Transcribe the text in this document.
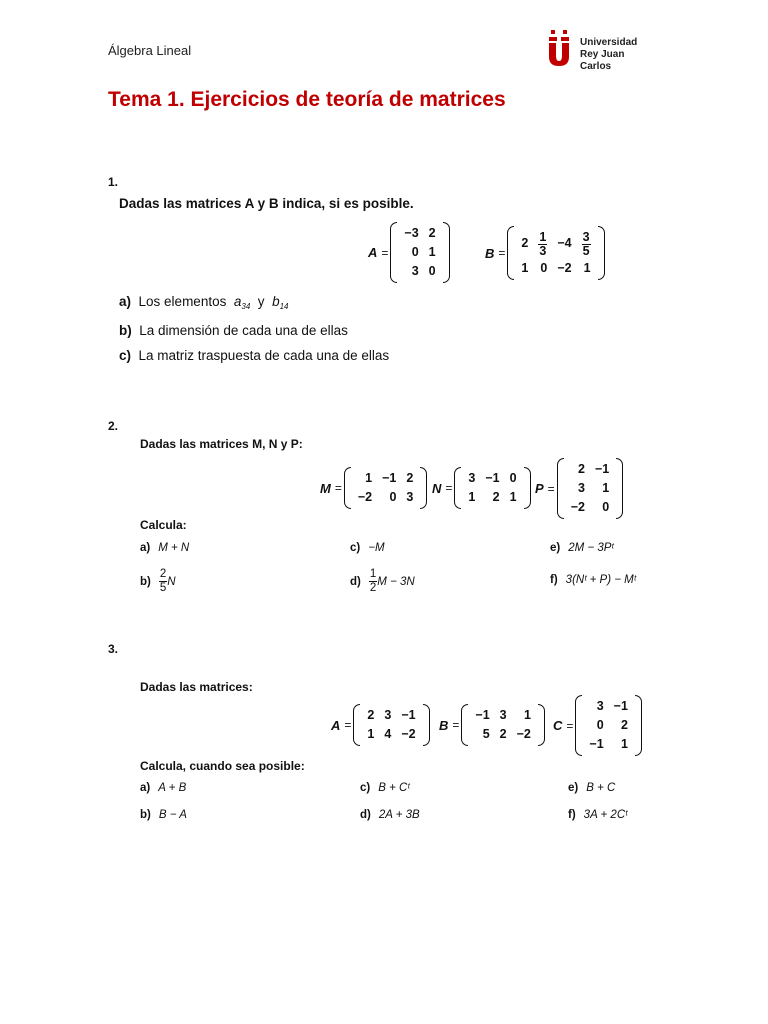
Álgebra Lineal
Universidad
Rey Juan Carlos
Tema 1. Ejercicios de teoría de matrices
1.
Dadas las matrices A y B indica, si es posible.
A =
−3	2
0	1
3	0
B =
2	$\frac{1}{3}$	−4	$\frac{3}{5}$

1	0	−2	1
a) Los elementos $a_{34}$ y $b_{14}$
b) La dimensión de cada una de ellas
c) La matriz traspuesta de cada una de ellas
2.
Dadas las matrices M, N y P:
M =
1	−1	2
−2	0	3
N =
3	−1	0
1	2	1
P =
2	−1
3	1
−2	0
Calcula:
a) M + N
$b) \frac{2}{5}$ N
c) −M
$d) \frac{1}{2}$ M − 3N
e) 2M − 3Pᵗ
f) 3(Nᵗ + P) − Mᵗ
3.
Dadas las matrices:
A =
2	3	−1
1	4	−2
B =
−1	3	1
5	2	−2
C =
3	−1
0	2
−1	1
Calcula, cuando sea posible:
a) A + B
b) B − A
c) B + Cᵗ
d) 2A + 3B
e) B + C
f) 3A + 2Cᵗ
